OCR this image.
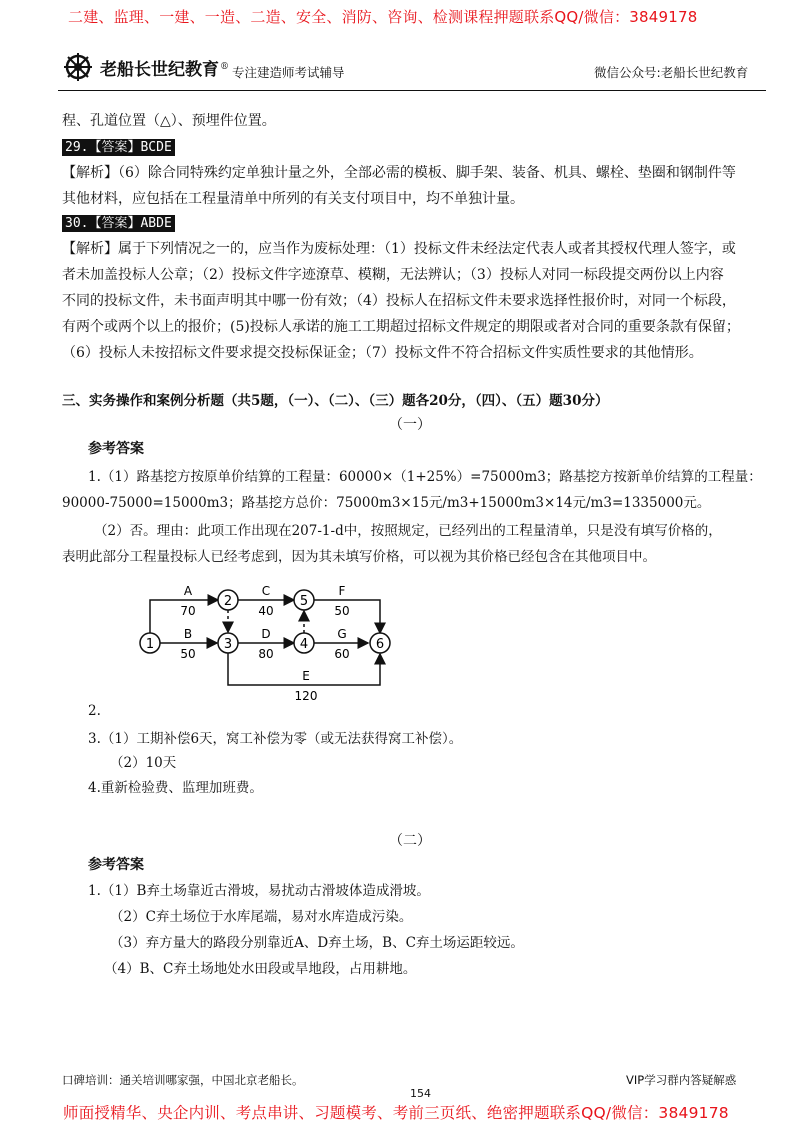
二建、监理、一建、一造、二造、安全、消防、咨询、检测课程押题联系QQ/微信：3849178
老船长世纪教育 ® 专注建造师考试辅导	微信公众号:老船长世纪教育
程、孔道位置（△）、预埋件位置。
29.【答案】BCDE
【解析】（6）除合同特殊约定单独计量之外，全部必需的模板、脚手架、装备、机具、螺栓、垫圈和钢制件等
其他材料，应包括在工程量清单中所列的有关支付项目中，均不单独计量。
30.【答案】ABDE
【解析】属于下列情况之一的，应当作为废标处理：（1）投标文件未经法定代表人或者其授权代理人签字，或
者未加盖投标人公章；（2）投标文件字迹潦草、模糊，无法辨认；（3）投标人对同一标段提交两份以上内容
不同的投标文件，未书面声明其中哪一份有效；（4）投标人在招标文件未要求选择性报价时，对同一个标段，
有两个或两个以上的报价；(5)投标人承诺的施工工期超过招标文件规定的期限或者对合同的重要条款有保留；
（6）投标人未按招标文件要求提交投标保证金；（7）投标文件不符合招标文件实质性要求的其他情形。
三、实务操作和案例分析题（共5题，（一）、（二）、（三）题各20分，（四）、（五）题30分）
（一）
参考答案
1.（1）路基挖方按原单价结算的工程量：60000×（1+25%）=75000m3；路基挖方按新单价结算的工程量：
90000-75000=15000m3；路基挖方总价：75000m3×15元/m3+15000m3×14元/m3=1335000元。
（2）否。理由：此项工作出现在207-1-d中，按照规定，已经列出的工程量清单，只是没有填写价格的，
表明此部分工程量投标人已经考虑到，因为其未填写价格，可以视为其价格已经包含在其他项目中。
1
2
3	4
5
6
A
70
C
40
F
50
B
50
D
80
G
60
E
120
2.
3.（1）工期补偿6天，窝工补偿为零（或无法获得窝工补偿）。
（2）10天
4.重新检验费、监理加班费。
（二）
参考答案
1.（1）B弃土场靠近古滑坡，易扰动古滑坡体造成滑坡。
（2）C弃土场位于水库尾端，易对水库造成污染。
（3）弃方量大的路段分别靠近A、D弃土场，B、C弃土场运距较远。
（4）B、C弃土场地处水田段或旱地段，占用耕地。
口碑培训：通关培训哪家强，中国北京老船长。
154
VIP学习群内答疑解惑
师面授精华、央企内训、考点串讲、习题模考、考前三页纸、绝密押题联系QQ/微信：3849178
